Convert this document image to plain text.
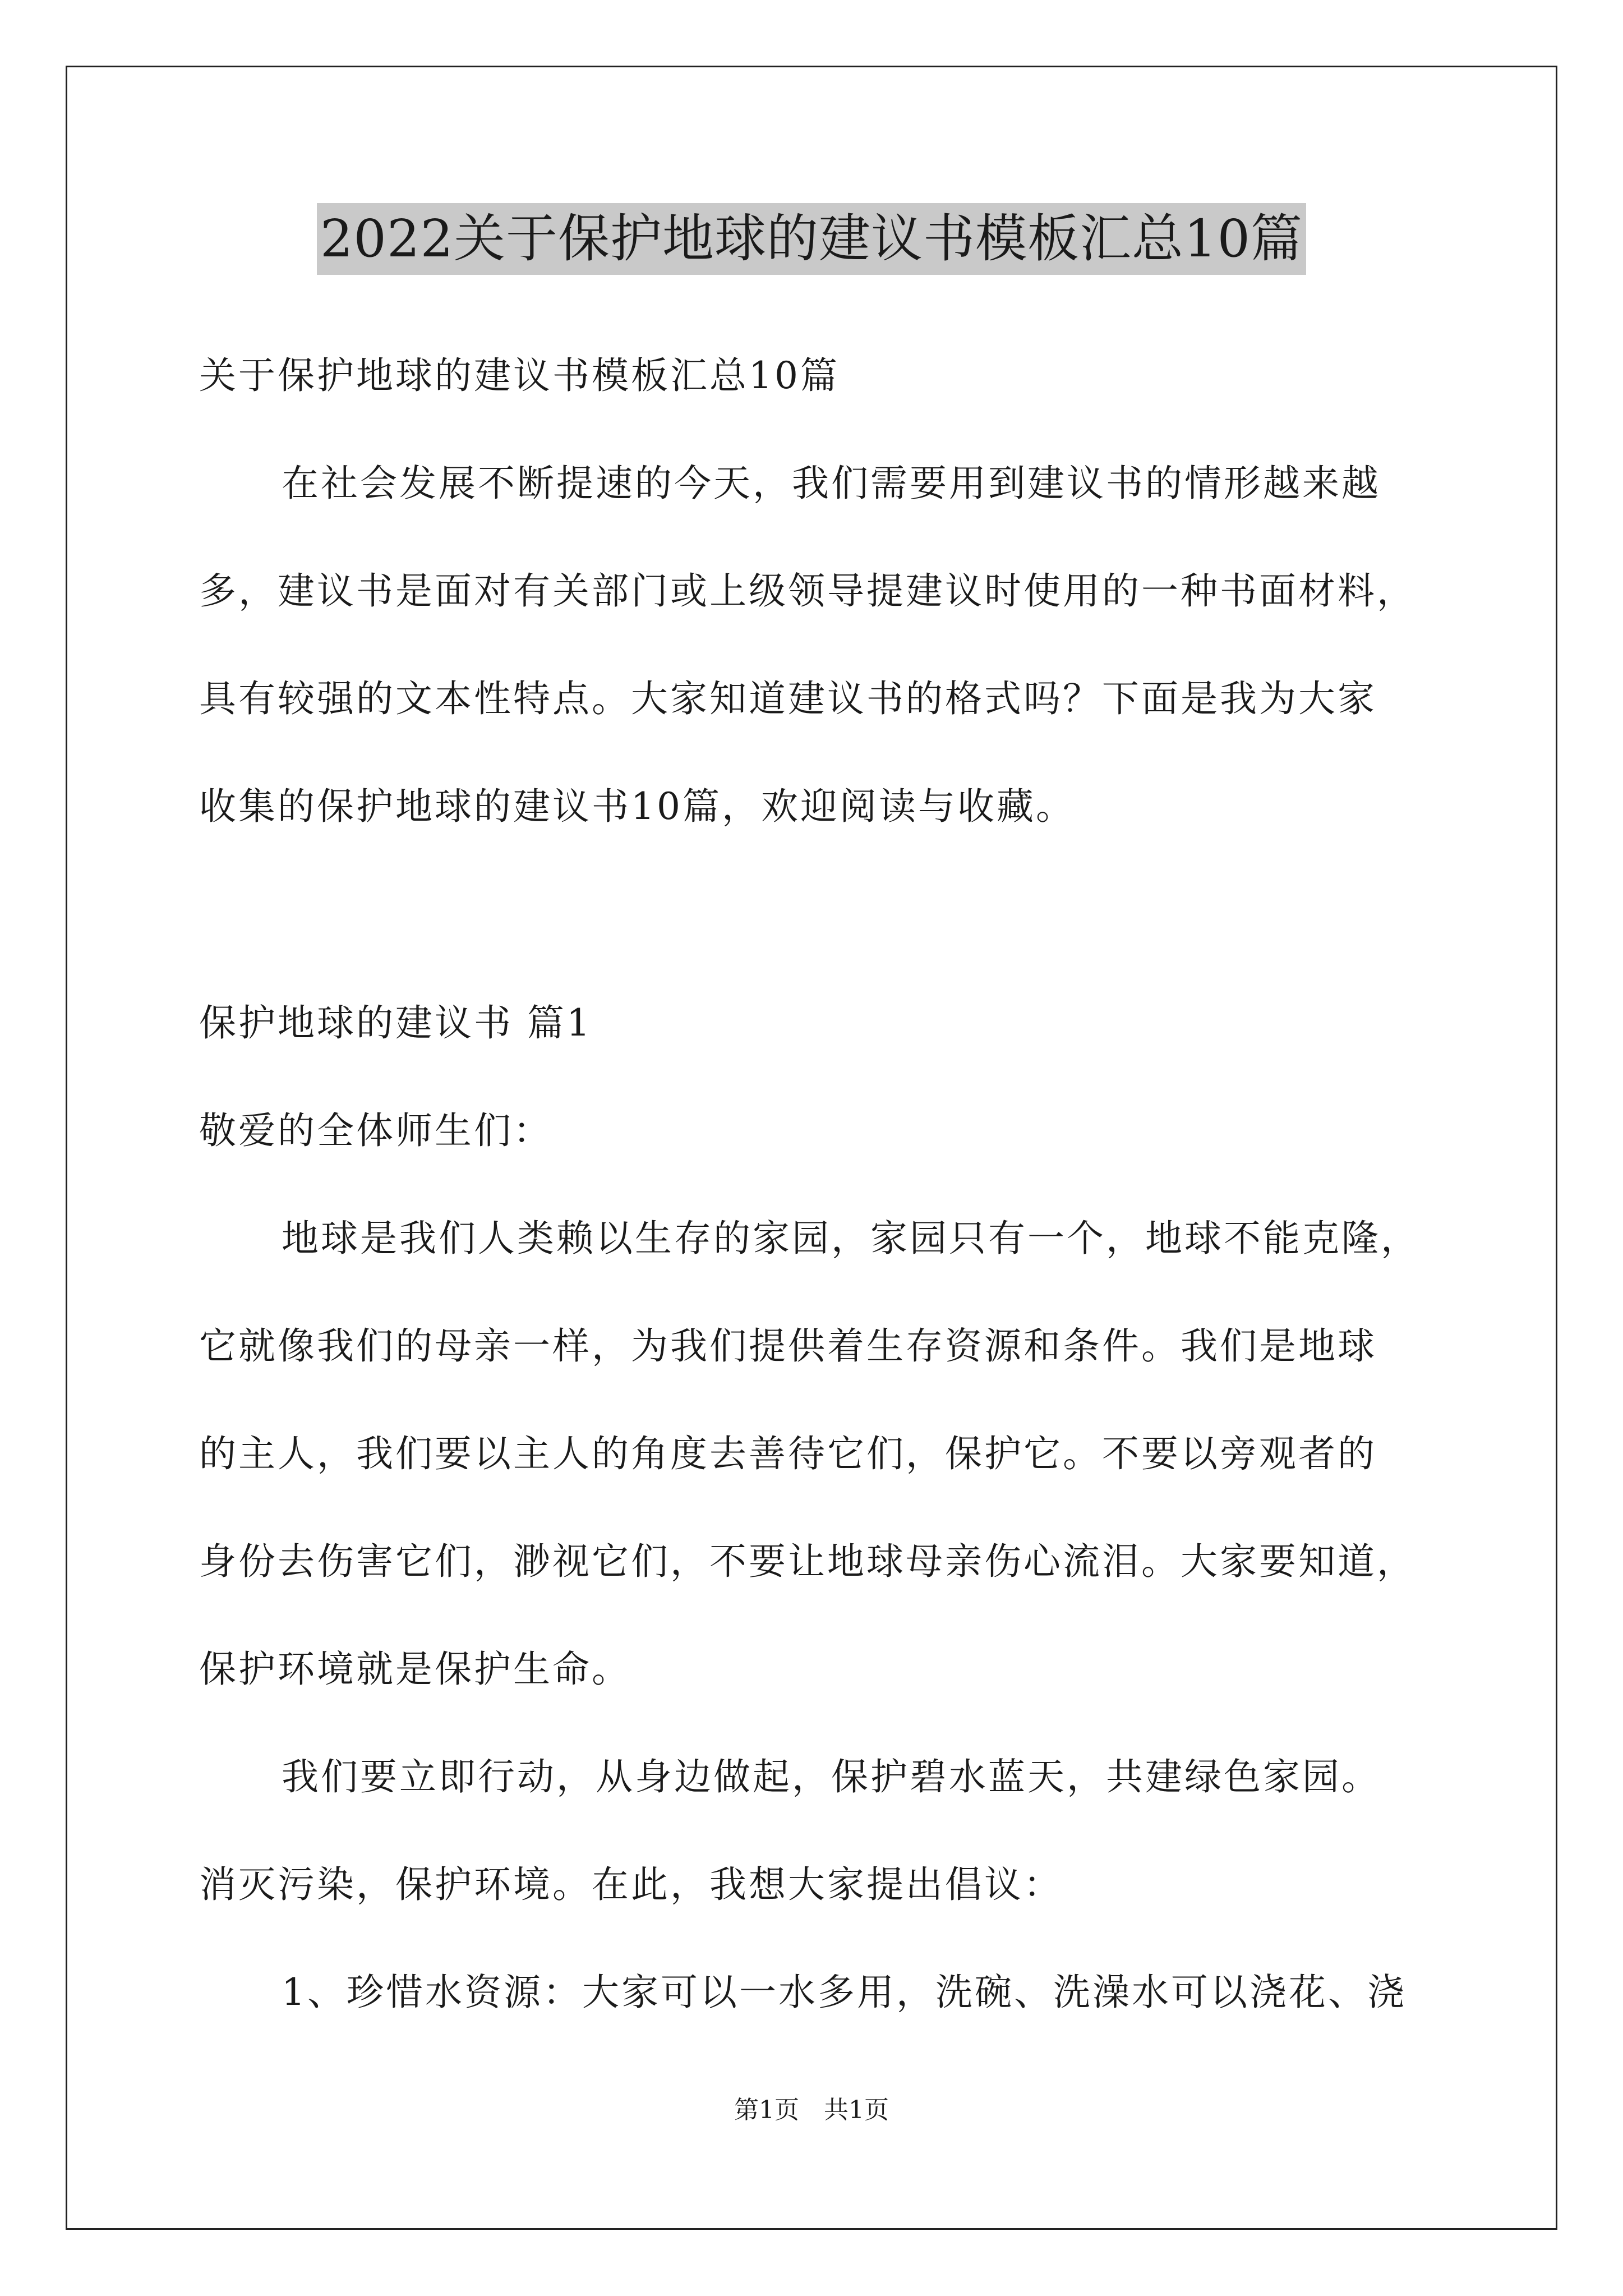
2022关于保护地球的建议书模板汇总10篇
关于保护地球的建议书模板汇总10篇
在社会发展不断提速的今天，我们需要用到建议书的情形越来越
多，建议书是面对有关部门或上级领导提建议时使用的一种书面材料，
具有较强的文本性特点。大家知道建议书的格式吗？下面是我为大家
收集的保护地球的建议书10篇，欢迎阅读与收藏。
保护地球的建议书 篇1
敬爱的全体师生们：
地球是我们人类赖以生存的家园，家园只有一个，地球不能克隆，
它就像我们的母亲一样，为我们提供着生存资源和条件。我们是地球
的主人，我们要以主人的角度去善待它们，保护它。不要以旁观者的
身份去伤害它们，渺视它们，不要让地球母亲伤心流泪。大家要知道，
保护环境就是保护生命。
我们要立即行动，从身边做起，保护碧水蓝天，共建绿色家园。
消灭污染，保护环境。在此，我想大家提出倡议：
1、珍惜水资源：大家可以一水多用，洗碗、洗澡水可以浇花、浇
第1页　共1页
